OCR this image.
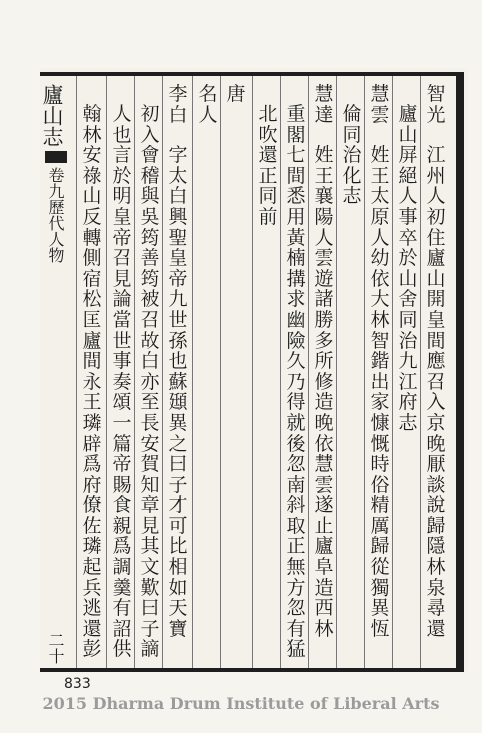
智
光
江
州
人
初
住
廬
山
開
皇
間
應
召
入
京
晚
厭
談
說
歸
隱
林
泉
尋
還
廬
山
屏
絕
人
事
卒
於
山
舍
同
治
九
江
府
志
慧
雲
姓
王
太
原
人
幼
依
大
林
智
鍇
出
家
慷
慨
時
俗
精
厲
歸
從
獨
異
恆
倫
同
治
化
志
慧
達
姓
王
襄
陽
人
雲
遊
諸
勝
多
所
修
造
晚
依
慧
雲
遂
止
廬
阜
造
西
林
重
閣
七
間
悉
用
黃
楠
搆
求
幽
險
久
乃
得
就
後
忽
南
斜
取
正
無
方
忽
有
猛
北
吹
還
正
同
前
唐
名
人
李
白
字
太
白
興
聖
皇
帝
九
世
孫
也
蘇
頲
異
之
曰
子
才
可
比
相
如
天
寶
初
入
會
稽
與
吳
筠
善
筠
被
召
故
白
亦
至
長
安
賀
知
章
見
其
文
歎
曰
子
謫
人
也
言
於
明
皇
帝
召
見
論
當
世
事
奏
頌
一
篇
帝
賜
食
親
爲
調
羹
有
詔
供
翰
林
安
祿
山
反
轉
側
宿
松
匡
廬
間
永
王
璘
辟
爲
府
僚
佐
璘
起
兵
逃
還
彭
廬山志
卷九歷代人物
二十
833
2015 Dharma Drum Institute of Liberal Arts
